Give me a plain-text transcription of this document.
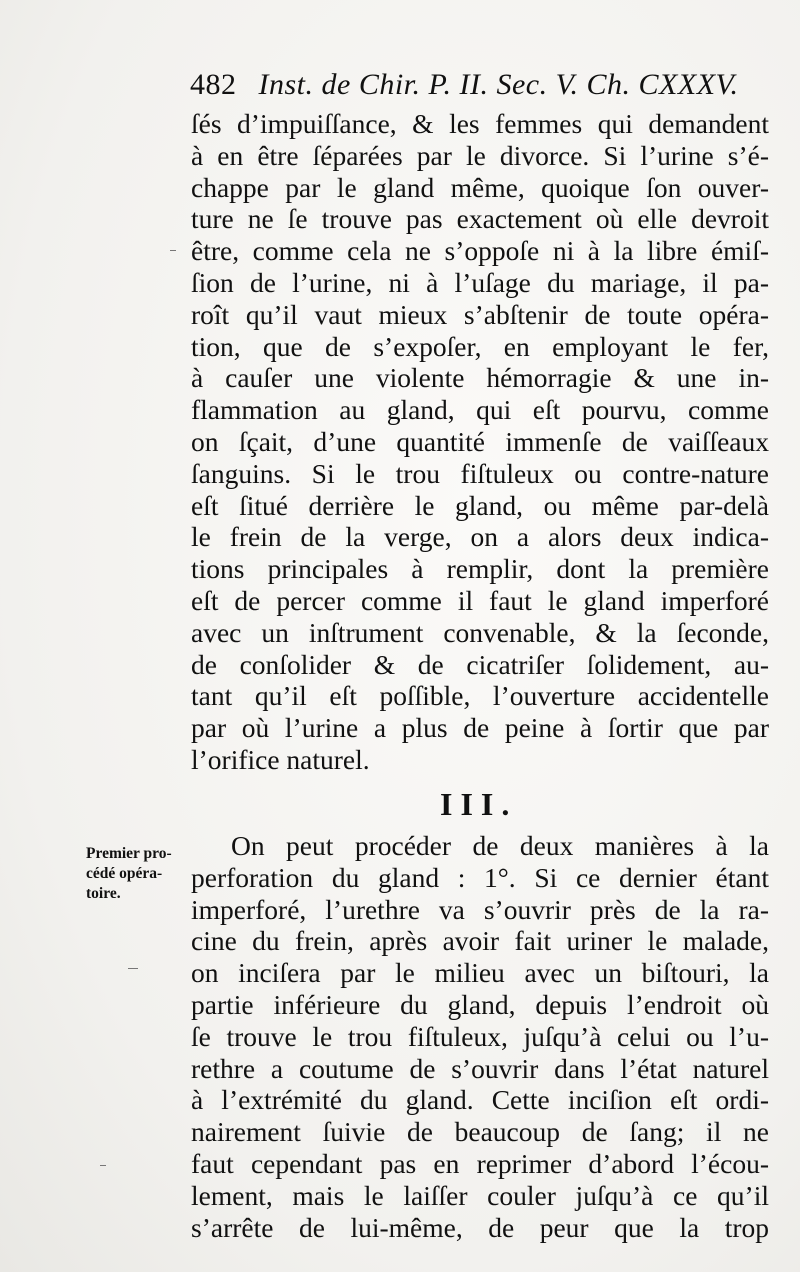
482 Inst. de Chir. P. II. Sec. V. Ch. CXXXV.
ſés d’impuiſſance, & les femmes qui demandent
à en être ſéparées par le divorce. Si l’urine s’é-
chappe par le gland même, quoique ſon ouver-
ture ne ſe trouve pas exactement où elle devroit
être, comme cela ne s’oppoſe ni à la libre émiſ-
ſion de l’urine, ni à l’uſage du mariage, il pa-
roît qu’il vaut mieux s’abſtenir de toute opéra-
tion, que de s’expoſer, en employant le fer,
à cauſer une violente hémorragie & une in-
flammation au gland, qui eſt pourvu, comme
on ſçait, d’une quantité immenſe de vaiſſeaux
ſanguins. Si le trou fiſtuleux ou contre-nature
eſt ſitué derrière le gland, ou même par-delà
le frein de la verge, on a alors deux indica-
tions principales à remplir, dont la première
eſt de percer comme il faut le gland imperforé
avec un inſtrument convenable, & la ſeconde,
de conſolider & de cicatriſer ſolidement, au-
tant qu’il eſt poſſible, l’ouverture accidentelle
par où l’urine a plus de peine à ſortir que par
l’orifice naturel.
III.
Premier pro-
cédé opéra-
toire.
On peut procéder de deux manières à la
perforation du gland : 1°. Si ce dernier étant
imperforé, l’urethre va s’ouvrir près de la ra-
cine du frein, après avoir fait uriner le malade,
on inciſera par le milieu avec un biſtouri, la
partie inférieure du gland, depuis l’endroit où
ſe trouve le trou fiſtuleux, juſqu’à celui ou l’u-
rethre a coutume de s’ouvrir dans l’état naturel
à l’extrémité du gland. Cette inciſion eſt ordi-
nairement ſuivie de beaucoup de ſang; il ne
faut cependant pas en reprimer d’abord l’écou-
lement, mais le laiſſer couler juſqu’à ce qu’il
s’arrête de lui-même, de peur que la trop
